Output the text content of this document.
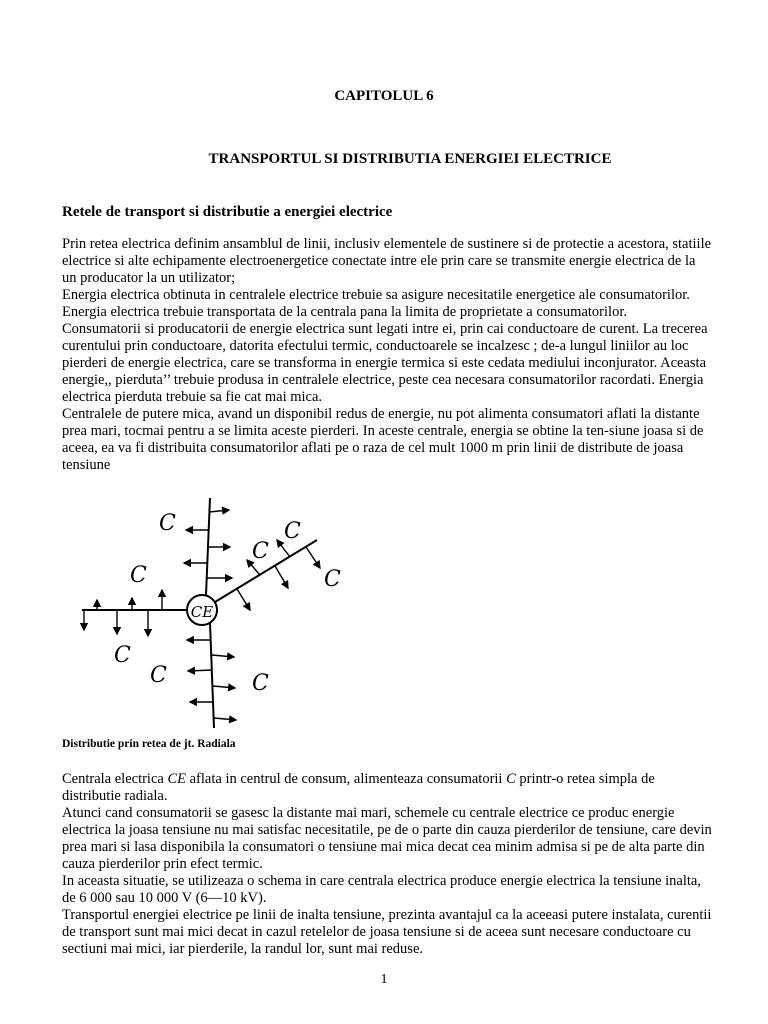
CAPITOLUL 6
TRANSPORTUL SI DISTRIBUTIA ENERGIEI ELECTRICE
Retele de transport si distributie a energiei electrice

Prin retea electrica definim ansamblul de linii, inclusiv elementele de sustinere si de protectie a acestora, statiile electrice si alte echipamente electroenergetice conectate intre ele prin care se transmite energie electrica de la un producator la un utilizator;

Energia electrica obtinuta in centralele electrice trebuie sa asigure necesitatile energetice ale consumatorilor. Energia electrica trebuie transportata de la centrala pana la limita de proprietate a consumatorilor.

Consumatorii si producatorii de energie electrica sunt legati intre ei, prin cai conductoare de curent. La trecerea curentului prin conductoare, datorita efectului termic, conductoarele se incalzesc ; de-a lungul liniilor au loc pierderi de energie electrica, care se transforma in energie termica si este cedata mediului inconjurator. Aceasta energie,, pierduta’’ trebuie produsa in centralele electrice, peste cea necesara consumatorilor racordati. Energia electrica pierduta trebuie sa fie cat mai mica.

Centralele de putere mica, avand un disponibil redus de energie, nu pot alimenta consumatori aflati la distante prea mari, tocmai pentru a se limita aceste pierderi. In aceste centrale, energia se obtine la ten-siune joasa si de aceea, ea va fi distribuita consumatorilor aflati pe o raza de cel mult 1000 m prin linii de distribute de joasa tensiune

CE
C
C
C
C
C
C
C	C
Distributie prin retea de jt. Radiala

Centrala electrica CE aflata in centrul de consum, alimenteaza consumatorii C printr-o retea simpla de distributie radiala.

Atunci cand consumatorii se gasesc la distante mai mari, schemele cu centrale electrice ce produc energie electrica la joasa tensiune nu mai satisfac necesitatile, pe de o parte din cauza pierderilor de tensiune, care devin prea mari si lasa disponibila la consumatori o tensiune mai mica decat cea minim admisa si pe de alta parte din cauza pierderilor prin efect termic.

In aceasta situatie, se utilizeaza o schema in care centrala electrica produce energie electrica la tensiune inalta, de 6 000 sau 10 000 V (6—10 kV).

Transportul energiei electrice pe linii de inalta tensiune, prezinta avantajul ca la aceeasi putere instalata, curentii de transport sunt mai mici decat in cazul retelelor de joasa tensiune si de aceea sunt necesare conductoare cu sectiuni mai mici, iar pierderile, la randul lor, sunt mai reduse.

1
